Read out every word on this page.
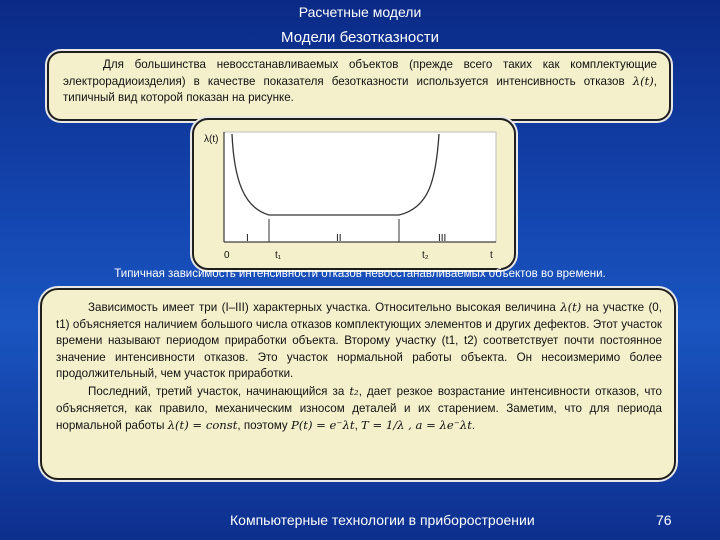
Расчетные модели
Модели безотказности

Для большинства невосстанавливаемых объектов (прежде всего таких как комплектующие электрорадиоизделия) в качестве показателя безотказности используется интенсивность отказов λ(t), типичный вид которой показан на рисунке.

λ(t)
0	t₁	t₂	t
I	II	III
Типичная зависимость интенсивности отказов невосстанавливаемых объектов во времени.

Зависимость имеет три (I–III) характерных участка. Относительно высокая величина λ(t) на участке (0, t1) объясняется наличием большого числа отказов комплектующих элементов и других дефектов. Этот участок времени называют периодом приработки объекта. Второму участку (t1, t2) соответствует почти постоянное значение интенсивности отказов. Это участок нормальной работы объекта. Он несоизмеримо более продолжительный, чем участок приработки.

Последний, третий участок, начинающийся за t₂, дает резкое возрастание интенсивности отказов, что объясняется, как правило, механическим износом деталей и их старением. Заметим, что для периода нормальной работы λ(t) = const, поэтому P(t) = e⁻λt, T = 1/λ , a = λe⁻λt.

Компьютерные технологии в приборостроении	76
